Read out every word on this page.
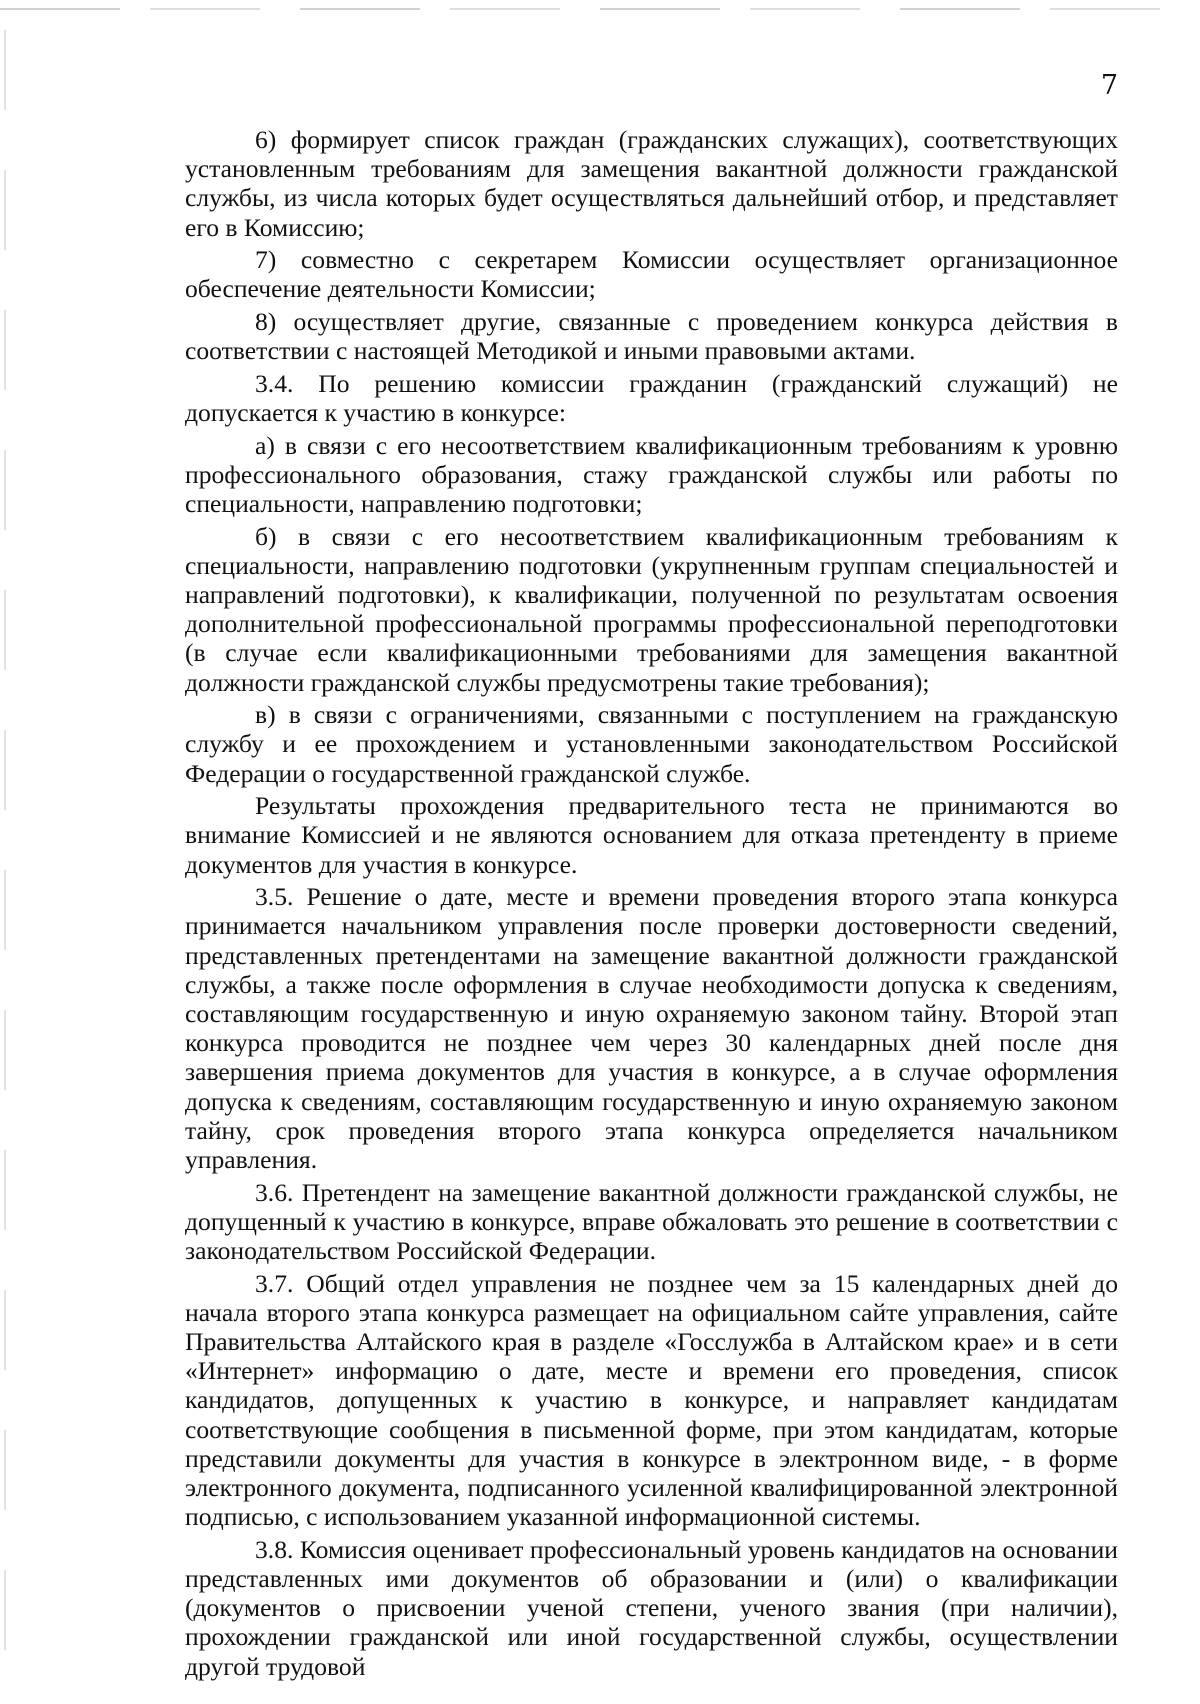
7

6) формирует список граждан (гражданских служащих), соответствующих установленным требованиям для замещения вакантной должности гражданской службы, из числа которых будет осуществляться дальнейший отбор, и представляет его в Комиссию;

7) совместно с секретарем Комиссии осуществляет организационное обеспечение деятельности Комиссии;

8) осуществляет другие, связанные с проведением конкурса действия в соответствии с настоящей Методикой и иными правовыми актами.

3.4. По решению комиссии гражданин (гражданский служащий) не допускается к участию в конкурсе:

а) в связи с его несоответствием квалификационным требованиям к уровню профессионального образования, стажу гражданской службы или работы по специальности, направлению подготовки;

б) в связи с его несоответствием квалификационным требованиям к специальности, направлению подготовки (укрупненным группам специальностей и направлений подготовки), к квалификации, полученной по результатам освоения дополнительной профессиональной программы профессиональной переподготовки (в случае если квалификационными требованиями для замещения вакантной должности гражданской службы предусмотрены такие требования);

в) в связи с ограничениями, связанными с поступлением на гражданскую службу и ее прохождением и установленными законодательством Российской Федерации о государственной гражданской службе.

Результаты прохождения предварительного теста не принимаются во внимание Комиссией и не являются основанием для отказа претенденту в приеме документов для участия в конкурсе.

3.5. Решение о дате, месте и времени проведения второго этапа конкурса принимается начальником управления после проверки достоверности сведений, представленных претендентами на замещение вакантной должности гражданской службы, а также после оформления в случае необходимости допуска к сведениям, составляющим государственную и иную охраняемую законом тайну. Второй этап конкурса проводится не позднее чем через 30 календарных дней после дня завершения приема документов для участия в конкурсе, а в случае оформления допуска к сведениям, составляющим государственную и иную охраняемую законом тайну, срок проведения второго этапа конкурса определяется начальником управления.

3.6. Претендент на замещение вакантной должности гражданской службы, не допущенный к участию в конкурсе, вправе обжаловать это решение в соответствии с законодательством Российской Федерации.

3.7. Общий отдел управления не позднее чем за 15 календарных дней до начала второго этапа конкурса размещает на официальном сайте управления, сайте Правительства Алтайского края в разделе «Госслужба в Алтайском крае» и в сети «Интернет» информацию о дате, месте и времени его проведения, список кандидатов, допущенных к участию в конкурсе, и направляет кандидатам соответствующие сообщения в письменной форме, при этом кандидатам, которые представили документы для участия в конкурсе в электронном виде, - в форме электронного документа, подписанного усиленной квалифицированной электронной подписью, с использованием указанной информационной системы.

3.8. Комиссия оценивает профессиональный уровень кандидатов на основании представленных ими документов об образовании и (или) о квалификации (документов о присвоении ученой степени, ученого звания (при наличии), прохождении гражданской или иной государственной службы, осуществлении другой трудовой
